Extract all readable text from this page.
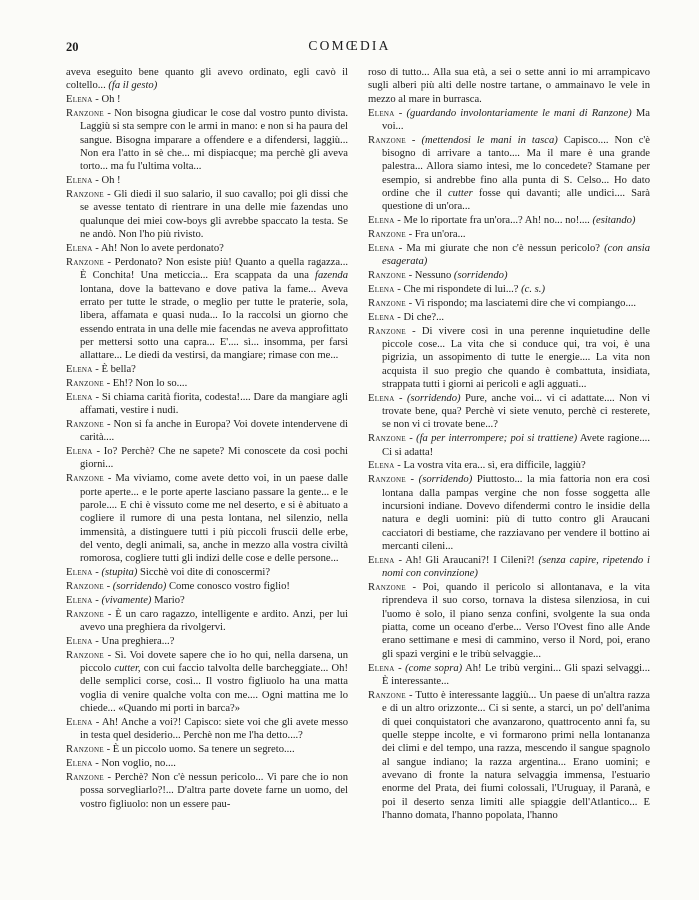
20	COMŒDIA

aveva eseguito bene quanto gli avevo ordinato, egli cavò il coltello... (fa il gesto)

Elena - Oh !

Ranzone - Non bisogna giudicar le cose dal vostro punto divista. Laggiù si sta sempre con le armi in mano: e non si ha paura del sangue. Bisogna imparare a offendere e a difendersi, laggiù... Non era l'atto in sè che... mi dispiacque; ma perchè gli aveva torto... ma fu l'ultima volta...

Elena - Oh !

Ranzone - Gli diedi il suo salario, il suo cavallo; poi gli dissi che se avesse tentato di rientrare in una delle mie fazendas uno qualunque dei miei cow-boys gli avrebbe spaccato la testa. Se ne andò. Non l'ho più rivisto.

Elena - Ah! Non lo avete perdonato?

Ranzone - Perdonato? Non esiste più! Quanto a quella ragazza... È Conchita! Una meticcia... Era scappata da una fazenda lontana, dove la battevano e dove pativa la fame... Aveva errato per tutte le strade, o meglio per tutte le praterie, sola, libera, affamata e quasi nuda... Io la raccolsi un giorno che essendo entrata in una delle mie facendas ne aveva approfittato per mettersi sotto una capra... E'.... sì... insomma, per farsi allattare... Le diedi da vestirsi, da mangiare; rimase con me...

Elena - È bella?

Ranzone - Eh!? Non lo so....

Elena - Si chiama carità fiorita, codesta!.... Dare da mangiare agli affamati, vestire i nudi.

Ranzone - Non si fa anche in Europa? Voi dovete intendervene di carità....

Elena - Io? Perchè? Che ne sapete? Mi conoscete da così pochi giorni...

Ranzone - Ma viviamo, come avete detto voi, in un paese dalle porte aperte... e le porte aperte lasciano passare la gente... e le parole.... E chi è vissuto come me nel deserto, e si è abituato a cogliere il rumore di una pesta lontana, nel silenzio, nella immensità, a distinguere tutti i più piccoli fruscii delle erbe, del vento, degli animali, sa, anche in mezzo alla vostra civiltà romorosa, cogliere tutti gli indizi delle cose e delle persone...

Elena - (stupita) Sicchè voi dite di conoscermi?

Ranzone - (sorridendo) Come conosco vostro figlio!

Elena - (vivamente) Mario?

Ranzone - È un caro ragazzo, intelligente e ardito. Anzi, per lui avevo una preghiera da rivolgervi.

Elena - Una preghiera...?

Ranzone - Sì. Voi dovete sapere che io ho qui, nella darsena, un piccolo cutter, con cui faccio talvolta delle barcheggiate... Oh! delle semplici corse, così... Il vostro figliuolo ha una matta voglia di venire qualche volta con me.... Ogni mattina me lo chiede... «Quando mi porti in barca?»

Elena - Ah! Anche a voi?! Capisco: siete voi che gli avete messo in testa quel desiderio... Perchè non me l'ha detto....?

Ranzone - È un piccolo uomo. Sa tenere un segreto....

Elena - Non voglio, no....

Ranzone - Perchè? Non c'è nessun pericolo... Vi pare che io non possa sorvegliarlo?!... D'altra parte dovete farne un uomo, del vostro figliuolo: non un essere pau-

roso di tutto... Alla sua età, a sei o sette anni io mi arrampicavo sugli alberi più alti delle nostre tartane, o ammainavo le vele in mezzo al mare in burrasca.

Elena - (guardando involontariamente le mani di Ranzone) Ma voi...

Ranzone - (mettendosi le mani in tasca) Capisco.... Non c'è bisogno di arrivare a tanto.... Ma il mare è una grande palestra... Allora siamo intesi, me lo concedete? Stamane per esempio, si andrebbe fino alla punta di S. Celso... Ho dato ordine che il cutter fosse qui davanti; alle undici.... Sarà questione di un'ora...

Elena - Me lo riportate fra un'ora...? Ah! no... no!.... (esitando)

Ranzone - Fra un'ora...

Elena - Ma mi giurate che non c'è nessun pericolo? (con ansia esagerata)

Ranzone - Nessuno (sorridendo)

Elena - Che mi rispondete di lui...? (c. s.)

Ranzone - Vi rispondo; ma lasciatemi dire che vi compiango....

Elena - Di che?...

Ranzone - Di vivere così in una perenne inquietudine delle piccole cose... La vita che si conduce qui, tra voi, è una pigrizia, un assopimento di tutte le energie.... La vita non acquista il suo pregio che quando è combattuta, insidiata, strappata tutti i giorni ai pericoli e agli agguati...

Elena - (sorridendo) Pure, anche voi... vi ci adattate.... Non vi trovate bene, qua? Perchè vi siete venuto, perchè ci resterete, se non vi ci trovate bene...?

Ranzone - (fa per interrompere; poi si trattiene) Avete ragione.... Ci si adatta!

Elena - La vostra vita era... sì, era difficile, laggiù?

Ranzone - (sorridendo) Piuttosto... la mia fattoria non era così lontana dalla pampas vergine che non fosse soggetta alle incursioni indiane. Dovevo difendermi contro le insidie della natura e degli uomini: più di tutto contro gli Araucani cacciatori di bestiame, che razziavano per vendere il bottino ai mercanti cileni...

Elena - Ah! Gli Araucani?! I Cileni?! (senza capire, ripetendo i nomi con convinzione)

Ranzone - Poi, quando il pericolo si allontanava, e la vita riprendeva il suo corso, tornava la distesa silenziosa, in cui l'uomo è solo, il piano senza confini, svolgente la sua onda piatta, come un oceano d'erbe... Verso l'Ovest fino alle Ande erano settimane e mesi di cammino, verso il Nord, poi, erano gli spazi vergini e le tribù selvaggie...

Elena - (come sopra) Ah! Le tribù vergini... Gli spazi selvaggi... È interessante...

Ranzone - Tutto è interessante laggiù... Un paese di un'altra razza e di un altro orizzonte... Ci si sente, a starci, un po' dell'anima di quei conquistatori che avanzarono, quattrocento anni fa, su quelle steppe incolte, e vi formarono primi nella lontananza dei climi e del tempo, una razza, mescendo il sangue spagnolo al sangue indiano; la razza argentina... Erano uomini; e avevano di fronte la natura selvaggia immensa, l'estuario enorme del Prata, dei fiumi colossali, l'Uruguay, il Paranà, e poi il deserto senza limiti alle spiaggie dell'Atlantico... E l'hanno domata, l'hanno popolata, l'hanno
